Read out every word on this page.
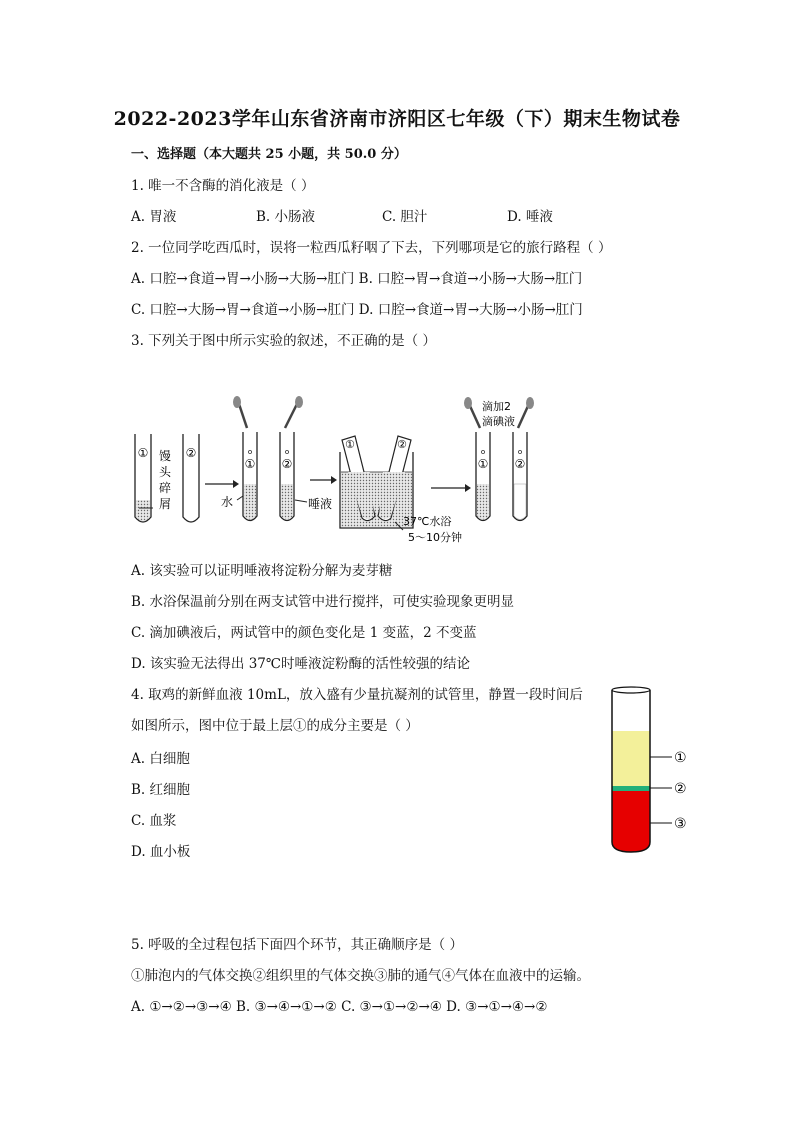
2022-2023学年山东省济南市济阳区七年级（下）期末生物试卷
一、选择题（本大题共 25 小题，共 50.0 分）
1. 唯一不含酶的消化液是（ ）
A. 胃液	B. 小肠液	C. 胆汁	D. 唾液
2. 一位同学吃西瓜时，误将一粒西瓜籽咽了下去，下列哪项是它的旅行路程（ ）
A. 口腔→食道→胃→小肠→大肠→肛门 B. 口腔→胃→食道→小肠→大肠→肛门
C. 口腔→大肠→胃→食道→小肠→肛门 D. 口腔→食道→胃→大肠→小肠→肛门
3. 下列关于图中所示实验的叙述，不正确的是（ ）
①	②
馒
头
碎
屑
① ②
o	o
水	唾液
①	②
37℃水浴
5～10分钟
① ②
o	o
滴加2
滴碘液
A. 该实验可以证明唾液将淀粉分解为麦芽糖
B. 水浴保温前分别在两支试管中进行搅拌，可使实验现象更明显
C. 滴加碘液后，两试管中的颜色变化是 1 变蓝，2 不变蓝
D. 该实验无法得出 37℃时唾液淀粉酶的活性较强的结论
4. 取鸡的新鲜血液 10mL，放入盛有少量抗凝剂的试管里，静置一段时间后
如图所示，图中位于最上层①的成分主要是（ ）
A. 白细胞
B. 红细胞
C. 血浆
D. 血小板
①
②
③
5. 呼吸的全过程包括下面四个环节，其正确顺序是（ ）
①肺泡内的气体交换②组织里的气体交换③肺的通气④气体在血液中的运输。
A. ①→②→③→④ B. ③→④→①→② C. ③→①→②→④ D. ③→①→④→②
